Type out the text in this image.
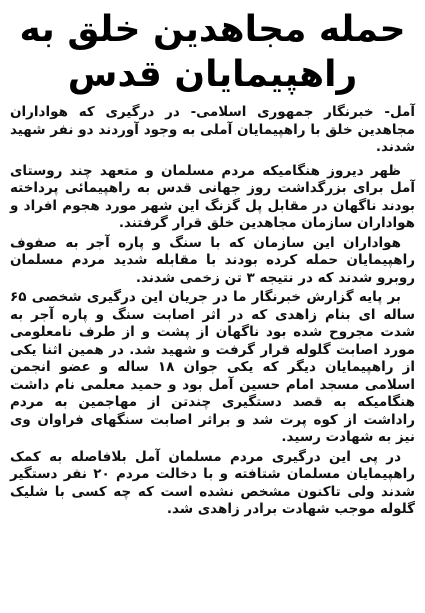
حمله مجاهدین خلق به
راهپیمایان قدس

آمل- خبرنگار جمهوری اسلامی- در درگیری که هواداران مجاهدین خلق با راهپیمایان آملی به وجود آوردند دو نفر شهید شدند.

ظهر دیروز هنگامیکه مردم مسلمان و متعهد چند روستای آمل برای بزرگداشت روز جهانی قدس به راهپیمائی پرداخته بودند ناگهان در مقابل پل گزنگ این شهر مورد هجوم افراد و هواداران سازمان مجاهدین خلق قرار گرفتند.

هواداران این سازمان که با سنگ و پاره آجر به صفوف راهپیمایان حمله کرده بودند با مقابله شدید مردم مسلمان روبرو شدند که در نتیجه ۳ تن زخمی شدند.

بر پایه گزارش خبرنگار ما در جریان این درگیری شخصی ۶۵ ساله ای بنام زاهدی که در اثر اصابت سنگ و پاره آجر به شدت مجروح شده بود ناگهان از پشت و از طرف نامعلومی مورد اصابت گلوله قرار گرفت و شهید شد. در همین اثنا یکی از راهپیمایان دیگر که یکی جوان ۱۸ ساله و عضو انجمن اسلامی مسجد امام حسین آمل بود و حمید معلمی نام داشت هنگامیکه به قصد دستگیری چندتن از مهاجمین به مردم راداشت از کوه پرت شد و براثر اصابت سنگهای فراوان وی نیز به شهادت رسید.

در پی این درگیری مردم مسلمان آمل بلافاصله به کمک راهپیمایان مسلمان شتافته و با دخالت مردم ۲۰ نفر دستگیر شدند ولی تاکنون مشخص نشده است که چه کسی با شلیک گلوله موجب شهادت برادر زاهدی شد.
